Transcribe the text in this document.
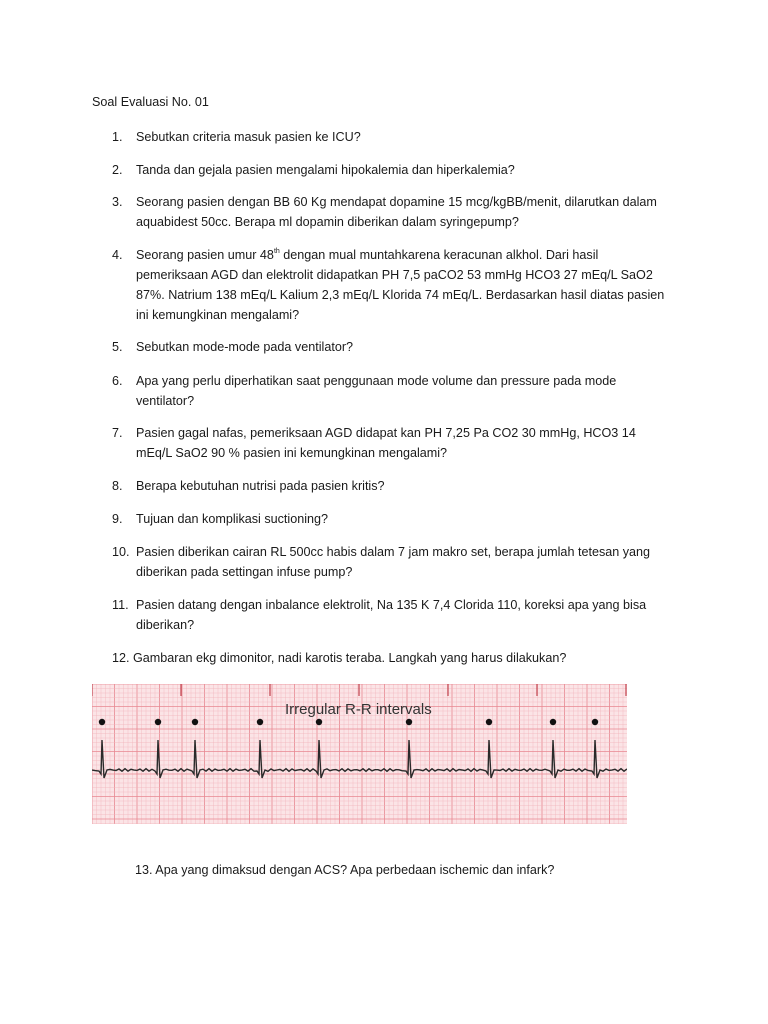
Soal Evaluasi No. 01
1.	Sebutkan criteria masuk pasien ke ICU?
2.	Tanda dan gejala pasien mengalami hipokalemia dan hiperkalemia?
3.	Seorang pasien dengan BB 60 Kg mendapat dopamine 15 mcg/kgBB/menit, dilarutkan dalam aquabidest 50cc. Berapa ml dopamin diberikan dalam syringepump?
4.	Seorang pasien umur 48th dengan mual muntahkarena keracunan alkhol. Dari hasil pemeriksaan AGD dan elektrolit didapatkan PH 7,5 paCO2 53 mmHg HCO3 27 mEq/L SaO2 87%. Natrium 138 mEq/L Kalium 2,3 mEq/L Klorida 74 mEq/L. Berdasarkan hasil diatas pasien ini kemungkinan mengalami?
5.	Sebutkan mode-mode pada ventilator?
6.	Apa yang perlu diperhatikan saat penggunaan mode volume dan pressure pada mode ventilator?
7.	Pasien gagal nafas, pemeriksaan AGD didapat kan PH 7,25 Pa CO2 30 mmHg, HCO3 14 mEq/L SaO2 90 % pasien ini kemungkinan mengalami?
8.	Berapa kebutuhan nutrisi pada pasien kritis?
9.	Tujuan dan komplikasi suctioning?
10. Pasien diberikan cairan RL 500cc habis dalam 7 jam makro set, berapa jumlah tetesan yang diberikan pada settingan infuse pump?
11. Pasien datang dengan inbalance elektrolit, Na 135 K 7,4 Clorida 110, koreksi apa yang bisa diberikan?
12. Gambaran ekg dimonitor, nadi karotis teraba. Langkah yang harus dilakukan?
Irregular R-R intervals
13. Apa yang dimaksud dengan ACS? Apa perbedaan ischemic dan infark?
